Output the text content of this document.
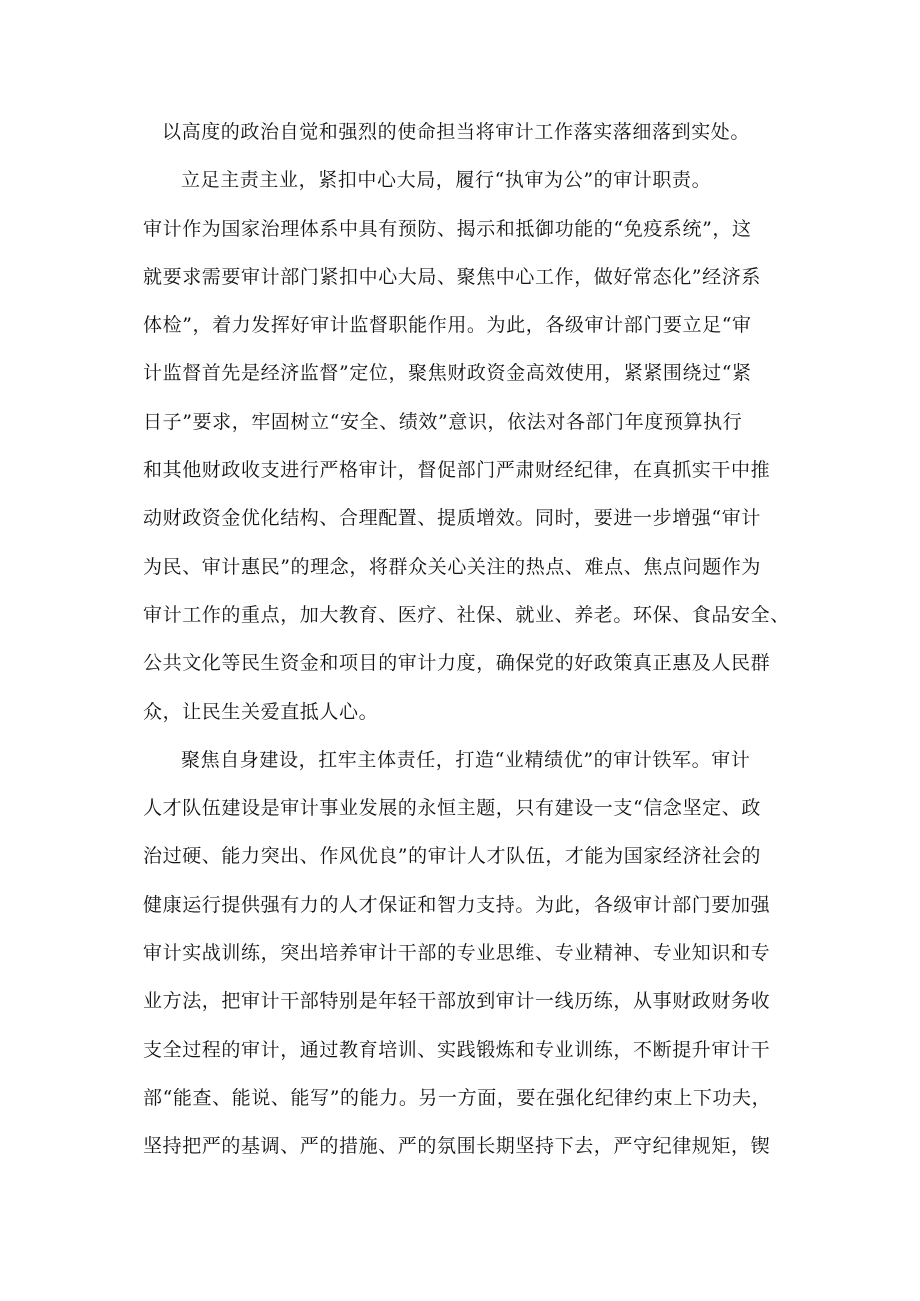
以高度的政治自觉和强烈的使命担当将审计工作落实落细落到实处。
立足主责主业，紧扣中心大局，履行“执审为公”的审计职责。
审计作为国家治理体系中具有预防、揭示和抵御功能的“免疫系统”，这
就要求需要审计部门紧扣中心大局、聚焦中心工作，做好常态化”经济系
体检”，着力发挥好审计监督职能作用。为此，各级审计部门要立足“审
计监督首先是经济监督”定位，聚焦财政资金高效使用，紧紧围绕过“紧
日子”要求，牢固树立“安全、绩效”意识，依法对各部门年度预算执行
和其他财政收支进行严格审计，督促部门严肃财经纪律，在真抓实干中推
动财政资金优化结构、合理配置、提质增效。同时，要进一步增强“审计
为民、审计惠民”的理念，将群众关心关注的热点、难点、焦点问题作为
审计工作的重点，加大教育、医疗、社保、就业、养老。环保、食品安全、
公共文化等民生资金和项目的审计力度，确保党的好政策真正惠及人民群
众，让民生关爱直抵人心。
聚焦自身建设，扛牢主体责任，打造“业精绩优”的审计铁军。审计
人才队伍建设是审计事业发展的永恒主题，只有建设一支“信念坚定、政
治过硬、能力突出、作风优良”的审计人才队伍，才能为国家经济社会的
健康运行提供强有力的人才保证和智力支持。为此，各级审计部门要加强
审计实战训练，突出培养审计干部的专业思维、专业精神、专业知识和专
业方法，把审计干部特别是年轻干部放到审计一线历练，从事财政财务收
支全过程的审计，通过教育培训、实践锻炼和专业训练，不断提升审计干
部“能查、能说、能写”的能力。另一方面，要在强化纪律约束上下功夫，
坚持把严的基调、严的措施、严的氛围长期坚持下去，严守纪律规矩，锲
